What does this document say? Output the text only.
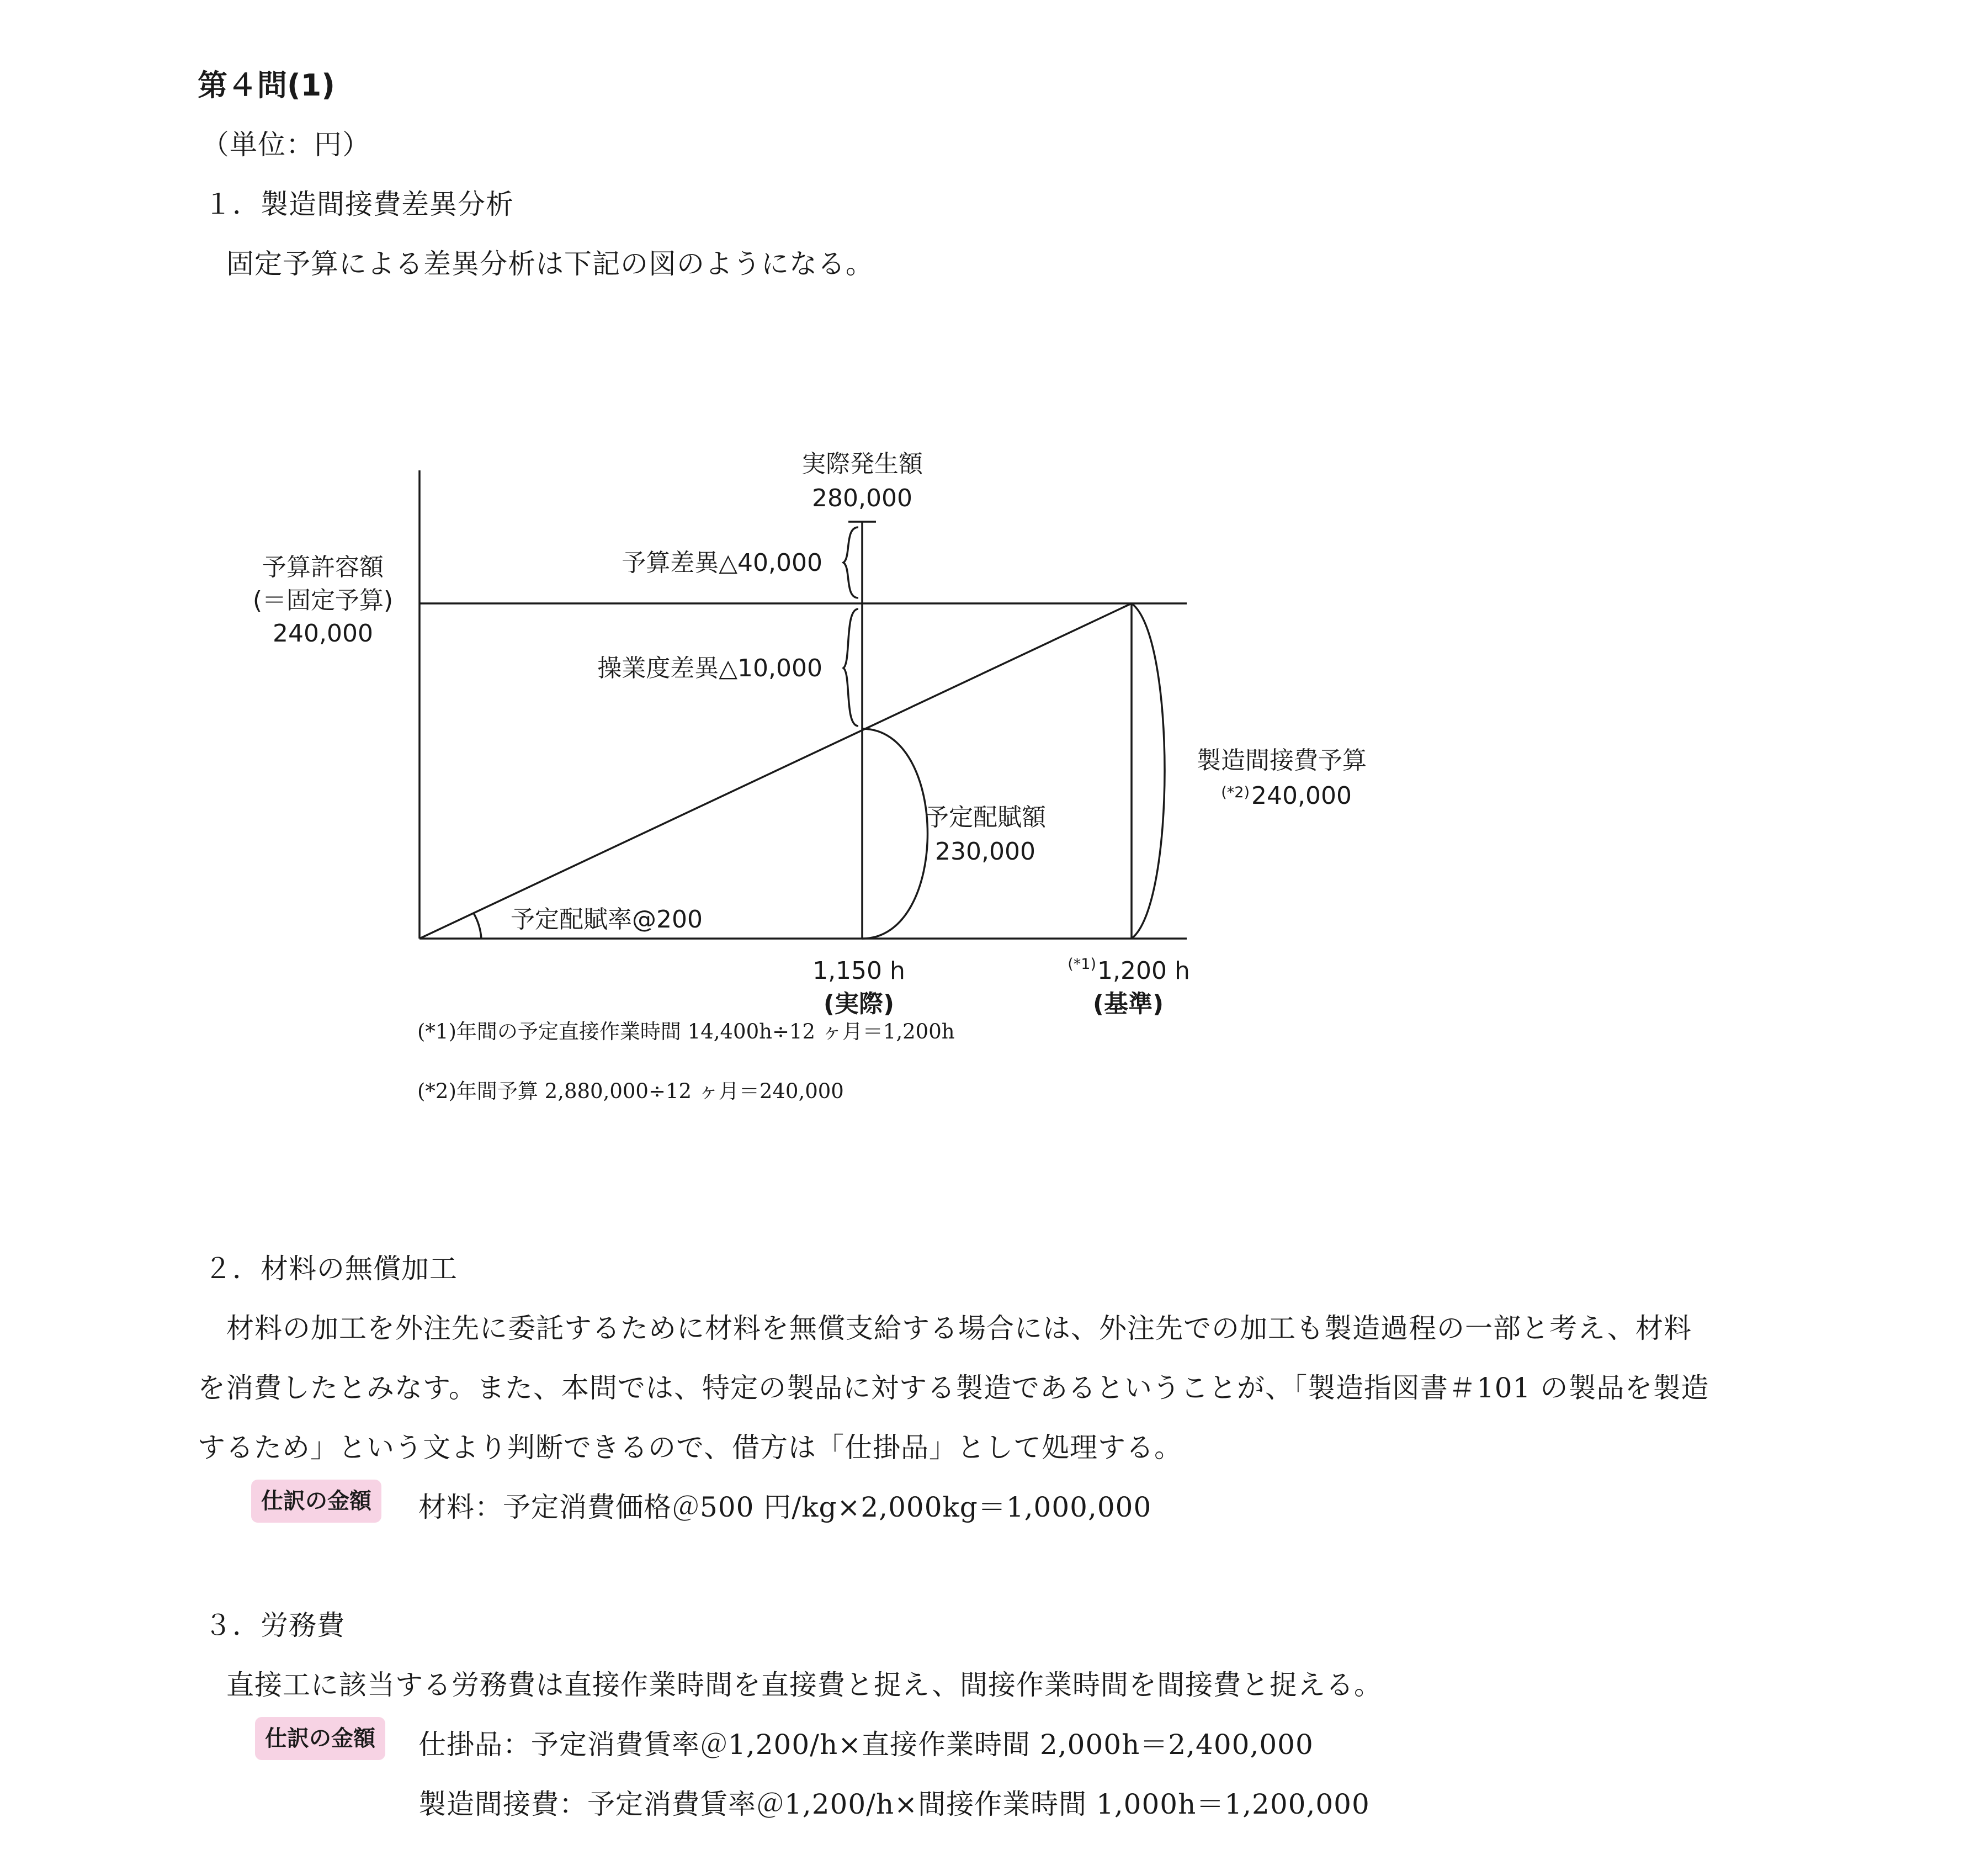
第４問(1)
（単位：円）
１．製造間接費差異分析
固定予算による差異分析は下記の図のようになる。
実際発生額
280,000
予算許容額
(＝固定予算)
240,000
予算差異△40,000
操業度差異△10,000
製造間接費予算
(*2) 240,000
予定配賦額
230,000
予定配賦率@200
1,150 h
(実際)
(*1) 1,200 h
(基準)
(*1)年間の予定直接作業時間 14,400h÷12 ヶ月＝1,200h
(*2)年間予算 2,880,000÷12 ヶ月＝240,000
２．材料の無償加工
材料の加工を外注先に委託するために材料を無償支給する場合には、外注先での加工も製造過程の一部と考え、材料
を消費したとみなす。また、本問では、特定の製品に対する製造であるということが、「製造指図書＃101 の製品を製造
するため」という文より判断できるので、借方は「仕掛品」として処理する。
仕訳の金額	材料：予定消費価格＠500 円/kg×2,000kg＝1,000,000
３．労務費
直接工に該当する労務費は直接作業時間を直接費と捉え、間接作業時間を間接費と捉える。
仕訳の金額	仕掛品：予定消費賃率＠1,200/h×直接作業時間 2,000h＝2,400,000
製造間接費：予定消費賃率＠1,200/h×間接作業時間 1,000h＝1,200,000
